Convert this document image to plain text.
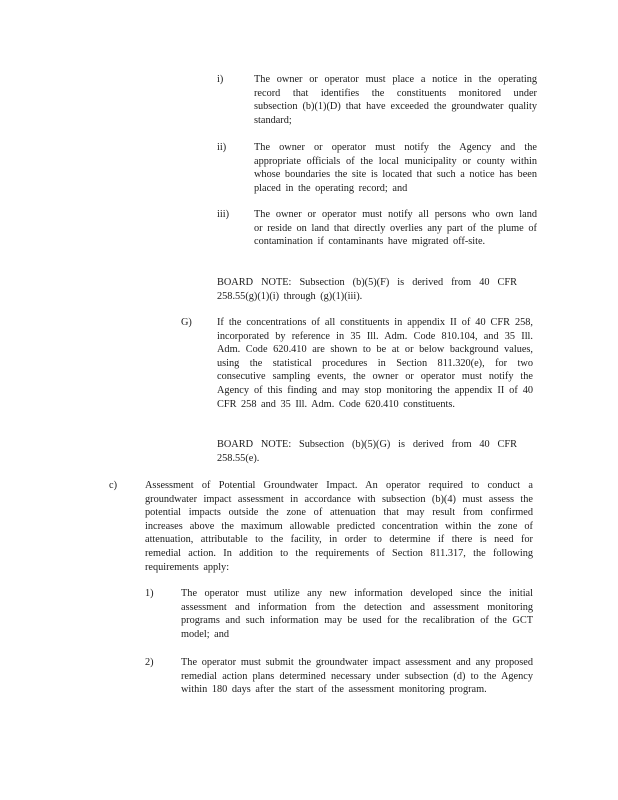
i)	The owner or operator must place a notice in the operating record that identifies the constituents monitored under subsection (b)(1)(D) that have exceeded the groundwater quality standard;
ii)	The owner or operator must notify the Agency and the appropriate officials of the local municipality or county within whose boundaries the site is located that such a notice has been placed in the operating record; and
iii) The owner or operator must notify all persons who own land or reside on land that directly overlies any part of the plume of contamination if contaminants have migrated off-site.
BOARD NOTE: Subsection (b)(5)(F) is derived from 40 CFR 258.55(g)(1)(i) through (g)(1)(iii).
G) If the concentrations of all constituents in appendix II of 40 CFR 258, incorporated by reference in 35 Ill. Adm. Code 810.104, and 35 Ill. Adm. Code 620.410 are shown to be at or below background values, using the statistical procedures in Section 811.320(e), for two consecutive sampling events, the owner or operator must notify the Agency of this finding and may stop monitoring the appendix II of 40 CFR 258 and 35 Ill. Adm. Code 620.410 constituents.
BOARD NOTE: Subsection (b)(5)(G) is derived from 40 CFR 258.55(e).
c)	Assessment of Potential Groundwater Impact. An operator required to conduct a groundwater impact assessment in accordance with subsection (b)(4) must assess the potential impacts outside the zone of attenuation that may result from confirmed increases above the maximum allowable predicted concentration within the zone of attenuation, attributable to the facility, in order to determine if there is need for remedial action. In addition to the requirements of Section 811.317, the following requirements apply:
1)	The operator must utilize any new information developed since the initial assessment and information from the detection and assessment monitoring programs and such information may be used for the recalibration of the GCT model; and
2)	The operator must submit the groundwater impact assessment and any proposed remedial action plans determined necessary under subsection (d) to the Agency within 180 days after the start of the assessment monitoring program.
